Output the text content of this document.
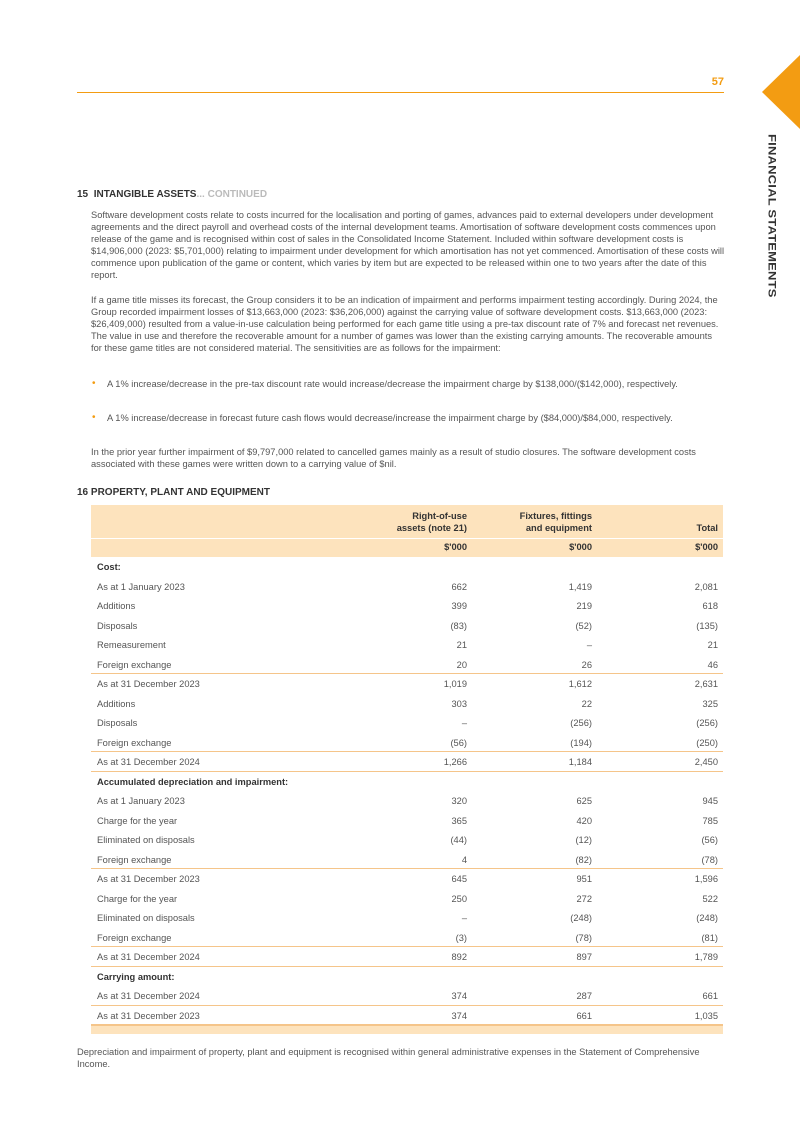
57
FINANCIAL STATEMENTS
15 INTANGIBLE ASSETS... CONTINUED

Software development costs relate to costs incurred for the localisation and porting of games, advances paid to external developers under development agreements and the direct payroll and overhead costs of the internal development teams. Amortisation of software development costs commences upon release of the game and is recognised within cost of sales in the Consolidated Income Statement. Included within software development costs is $14,906,000 (2023: $5,701,000) relating to impairment under development for which amortisation has not yet commenced. Amortisation of these costs will commence upon publication of the game or content, which varies by item but are expected to be released within one to two years after the date of this report.

If a game title misses its forecast, the Group considers it to be an indication of impairment and performs impairment testing accordingly. During 2024, the Group recorded impairment losses of $13,663,000 (2023: $36,206,000) against the carrying value of software development costs. $13,663,000 (2023: $26,409,000) resulted from a value-in-use calculation being performed for each game title using a pre-tax discount rate of 7% and forecast net revenues. The value in use and therefore the recoverable amount for a number of games was lower than the existing carrying amounts. The recoverable amounts for these game titles are not considered material. The sensitivities are as follows for the impairment:

• A 1% increase/decrease in the pre-tax discount rate would increase/decrease the impairment charge by $138,000/($142,000), respectively.
• A 1% increase/decrease in forecast future cash flows would decrease/increase the impairment charge by ($84,000)/$84,000, respectively.

In the prior year further impairment of $9,797,000 related to cancelled games mainly as a result of studio closures. The software development costs associated with these games were written down to a carrying value of $nil.

16 PROPERTY, PLANT AND EQUIPMENT
Right-of-use
assets (note 21)
Fixtures, fittings
and equipment	Total
$'000	$'000	$'000
Cost:
As at 1 January 2023	662	1,419	2,081
Additions	399	219	618
Disposals	(83)	(52)	(135)
Remeasurement	21	–	21
Foreign exchange	20	26	46
As at 31 December 2023	1,019	1,612	2,631
Additions	303	22	325
Disposals	–	(256)	(256)
Foreign exchange	(56)	(194)	(250)
As at 31 December 2024	1,266	1,184	2,450
Accumulated depreciation and impairment:
As at 1 January 2023	320	625	945
Charge for the year	365	420	785
Eliminated on disposals	(44)	(12)	(56)
Foreign exchange	4	(82)	(78)
As at 31 December 2023	645	951	1,596
Charge for the year	250	272	522
Eliminated on disposals	–	(248)	(248)
Foreign exchange	(3)	(78)	(81)
As at 31 December 2024	892	897	1,789
Carrying amount:
As at 31 December 2024	374	287	661
As at 31 December 2023	374	661	1,035

Depreciation and impairment of property, plant and equipment is recognised within general administrative expenses in the Statement of Comprehensive Income.
